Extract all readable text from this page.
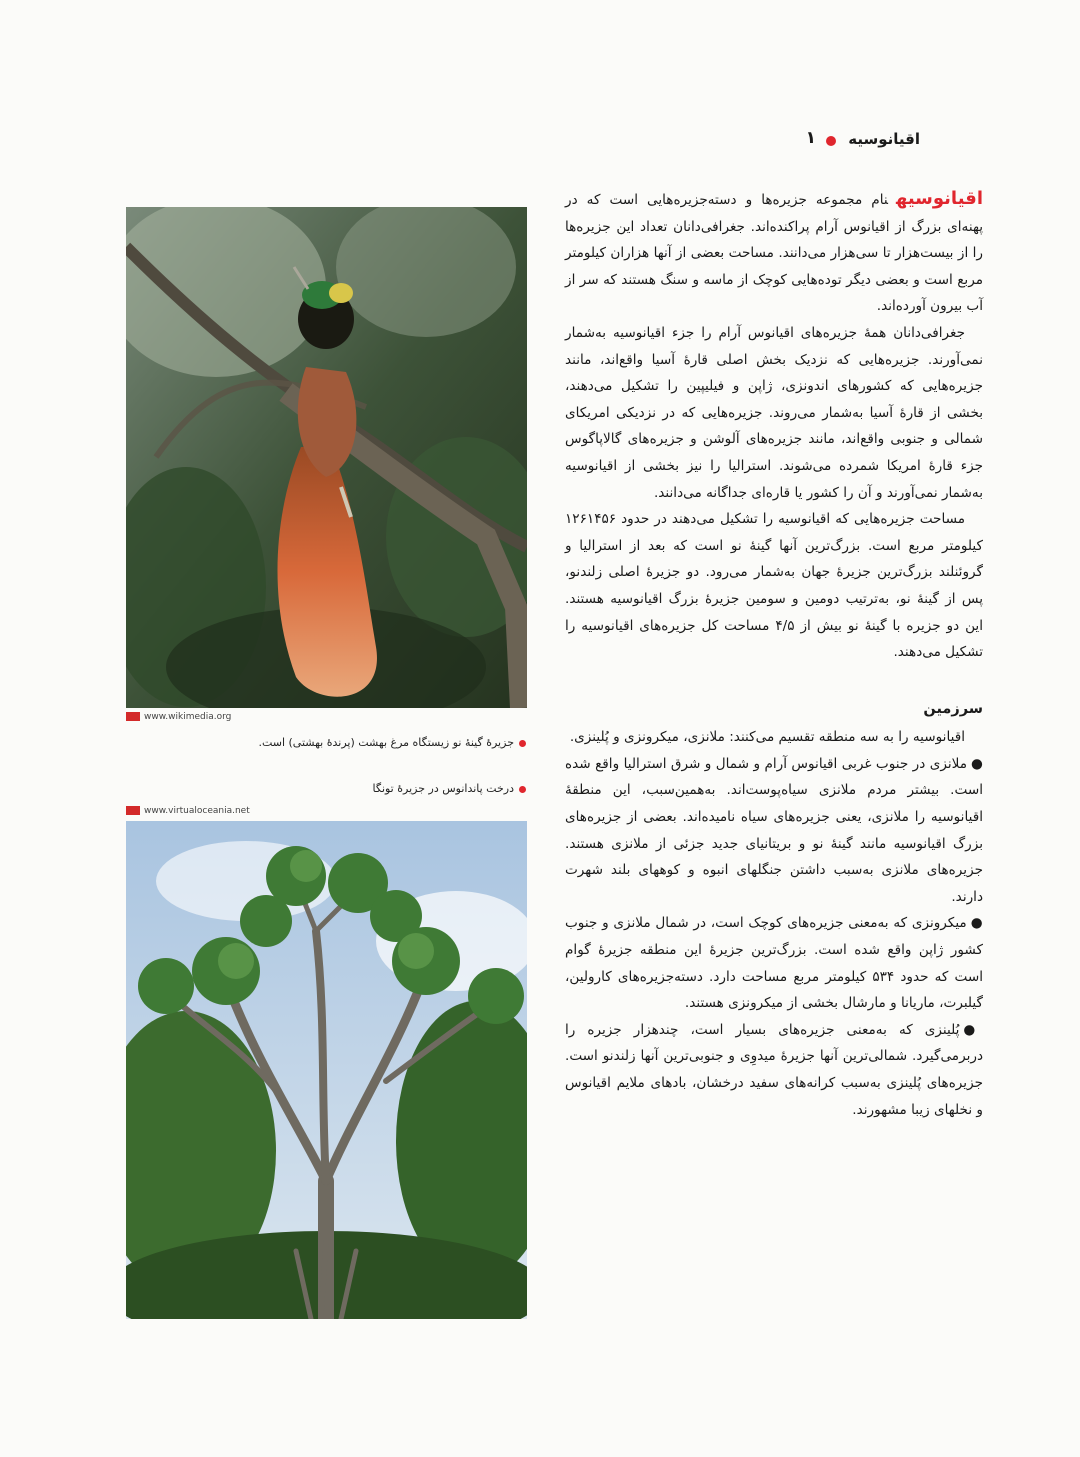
اقیانوسیه
۱
www.wikimedia.org
جزیرهٔ گینهٔ نو زیستگاه مرغ بهشت (پرندهٔ بهشتی) است.
درخت پاندانوس در جزیرهٔ تونگا
www.virtualoceania.net

اقیانوسیهنام مجموعه جزیره‌ها و دسته‌جزیره‌هایی است که در پهنه‌ای بزرگ از اقیانوس آرام پراکنده‌اند. جغرافی‌دانان تعداد این جزیره‌ها را از بیست‌هزار تا سی‌هزار می‌دانند. مساحت بعضی از آنها هزاران کیلومتر مربع است و بعضی دیگر توده‌هایی کوچک از ماسه و سنگ هستند که سر از آب بیرون آورده‌اند.

جغرافی‌دانان همهٔ جزیره‌های اقیانوس آرام را جزء اقیانوسیه به‌شمار نمی‌آورند. جزیره‌هایی که نزدیک بخش اصلی قارهٔ آسیا واقع‌اند، مانند جزیره‌هایی که کشورهای اندونزی، ژاپن و فیلیپین را تشکیل می‌دهند، بخشی از قارهٔ آسیا به‌شمار می‌روند. جزیره‌هایی که در نزدیکی امریکای شمالی و جنوبی واقع‌اند، مانند جزیره‌های آلوشن و جزیره‌های گالاپاگوس جزء قارهٔ امریکا شمرده می‌شوند. استرالیا را نیز بخشی از اقیانوسیه به‌شمار نمی‌آورند و آن را کشور یا قاره‌ای جداگانه می‌دانند.

مساحت جزیره‌هایی که اقیانوسیه را تشکیل می‌دهند در حدود ۱۲۶۱۴۵۶ کیلومتر مربع است. بزرگ‌ترین آنها گینهٔ نو است که بعد از استرالیا و گروئنلند بزرگ‌ترین جزیرهٔ جهان به‌شمار می‌رود. دو جزیرهٔ اصلی زلندنو، پس از گینهٔ نو، به‌ترتیب دومین و سومین جزیرهٔ بزرگ اقیانوسیه هستند. این دو جزیره با گینهٔ نو بیش از ۴/۵ مساحت کل جزیره‌های اقیانوسیه را تشکیل می‌دهند.

سرزمین

اقیانوسیه را به سه منطقه تقسیم می‌کنند: ملانزی، میکرونزی و پُلینزی.

●ملانزی در جنوب غربی اقیانوس آرام و شمال و شرق استرالیا واقع شده است. بیشتر مردم ملانزی سیاه‌پوست‌اند. به‌همین‌سبب، این منطقهٔ اقیانوسیه را ملانزی، یعنی جزیره‌های سیاه نامیده‌اند. بعضی از جزیره‌های بزرگ اقیانوسیه مانند گینهٔ نو و بریتانیای جدید جزئی از ملانزی هستند. جزیره‌های ملانزی به‌سبب داشتن جنگلهای انبوه و کوههای بلند شهرت دارند.

●میکرونزی که به‌معنی جزیره‌های کوچک است، در شمال ملانزی و جنوب کشور ژاپن واقع شده است. بزرگ‌ترین جزیرهٔ این منطقه جزیرهٔ گوام است که حدود ۵۳۴ کیلومتر مربع مساحت دارد. دسته‌جزیره‌های کارولین، گیلبرت، ماریانا و مارشال بخشی از میکرونزی هستند.

●پُلینزی که به‌معنی جزیره‌های بسیار است، چندهزار جزیره را دربرمی‌گیرد. شمالی‌ترین آنها جزیرهٔ میدوِی و جنوبی‌ترین آنها زلندنو است. جزیره‌های پُلینزی به‌سبب کرانه‌های سفید درخشان، بادهای ملایم اقیانوس و نخلهای زیبا مشهورند.
